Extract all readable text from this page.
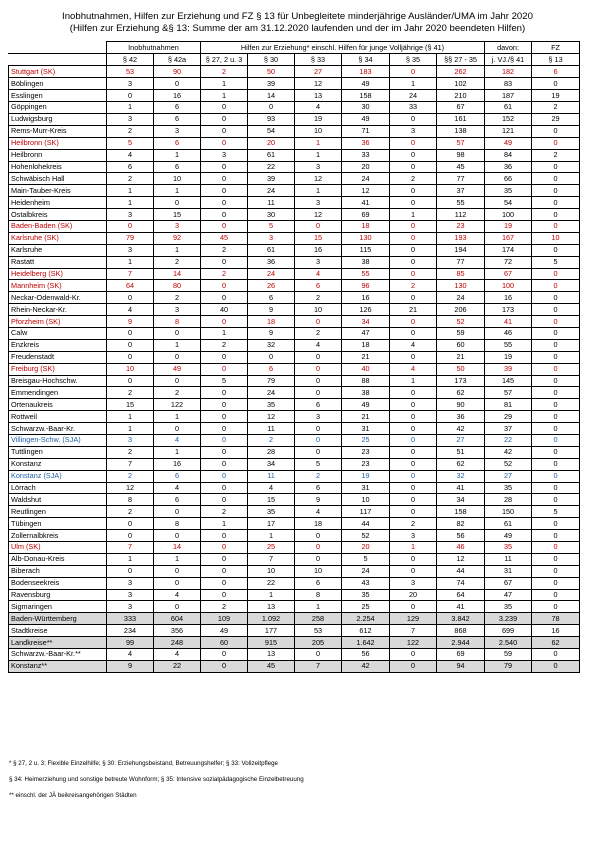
Inobhutnahmen, Hilfen zur Erziehung und FZ § 13 für Unbegleitete minderjährige Ausländer/UMA im Jahr 2020
(Hilfen zur Erziehung &§ 13: Summe der am 31.12.2020 laufenden und der im Jahr 2020 beendeten Hilfen)
	Inobhutnahmen		Hilfen zur Erziehung* einschl. Hilfen für junge Volljährige (§ 41)						davon:	FZ
	§ 42	§ 42a	§ 27, 2 u. 3	§ 30	§ 33	§ 34	§ 35	§§ 27 - 35	j. VJ./§ 41	§ 13
Stuttgart (SK)	53	90	2	50	27	183	0	262	182	6
Böblingen	3	0	1	39	12	49	1	102	83	0
Esslingen	0	16	1	14	13	158	24	210	187	19
Göppingen	1	6	0	0	4	30	33	67	61	2
Ludwigsburg	3	6	0	93	19	49	0	161	152	29
Rems-Murr-Kreis	2	3	0	54	10	71	3	138	121	0
Heilbronn (SK)	5	6	0	20	1	36	0	57	49	0
Heilbronn	4	1	3	61	1	33	0	98	84	2
Hohenlohekreis	6	6	0	22	3	20	0	45	36	0
Schwäbisch Hall	2	10	0	39	12	24	2	77	66	0
Main-Tauber-Kreis	1	1	0	24	1	12	0	37	35	0
Heidenheim	1	0	0	11	3	41	0	55	54	0
Ostalbkreis	3	15	0	30	12	69	1	112	100	0
Baden-Baden (SK)	0	3	0	5	0	18	0	23	19	0
Karlsruhe (SK)	79	92	45	3	15	130	0	193	167	10
Karlsruhe	3	1	2	61	16	115	0	194	174	0
Rastatt	1	2	0	36	3	38	0	77	72	5
Heidelberg (SK)	7	14	2	24	4	55	0	85	67	0
Mannheim (SK)	64	80	0	26	6	96	2	130	100	0
Neckar-Odenwald-Kr.	0	2	0	6	2	16	0	24	16	0
Rhein-Neckar-Kr.	4	3	40	9	10	126	21	206	173	0
Pforzheim (SK)	9	8	0	18	0	34	0	52	41	0
Calw	0	0	1	9	2	47	0	59	46	0
Enzkreis	0	1	2	32	4	18	4	60	55	0
Freudenstadt	0	0	0	0	0	21	0	21	19	0
Freiburg (SK)	10	49	0	6	0	40	4	50	39	0
Breisgau-Hochschw.	0	0	5	79	0	88	1	173	145	0
Emmendingen	2	2	0	24	0	38	0	62	57	0
Ortenaukreis	15	122	0	35	6	49	0	90	81	0
Rottweil	1	1	0	12	3	21	0	36	29	0
Schwarzw.-Baar-Kr.	1	0	0	11	0	31	0	42	37	0
Villingen-Schw. (SJA)	3	4	0	2	0	25	0	27	22	0
Tuttlingen	2	1	0	28	0	23	0	51	42	0
Konstanz	7	16	0	34	5	23	0	62	52	0
Konstanz (SJA)	2	6	0	11	2	19	0	32	27	0
Lörrach	12	4	0	4	6	31	0	41	35	0
Waldshut	8	6	0	15	9	10	0	34	28	0
Reutlingen	2	0	2	35	4	117	0	158	150	5
Tübingen	0	8	1	17	18	44	2	82	61	0
Zollernalbkreis	0	0	0	1	0	52	3	56	49	0
Ulm (SK)	7	14	0	25	0	20	1	46	35	0
Alb-Donau-Kreis	1	1	0	7	0	5	0	12	11	0
Biberach	0	0	0	10	10	24	0	44	31	0
Bodenseekreis	3	0	0	22	6	43	3	74	67	0
Ravensburg	3	4	0	1	8	35	20	64	47	0
Sigmaringen	3	0	2	13	1	25	0	41	35	0
Baden-Württemberg	333	604	109	1.092	258	2.254	129	3.842	3.239	78
Stadtkreise	234	356	49	177	53	612	7	868	699	16
Landkreise**	99	248	60	915	205	1.642	122	2.944	2.540	62
Schwarzw.-Baar-Kr.**	4	4	0	13	0	56	0	69	59	0
Konstanz**	9	22	0	45	7	42	0	94	79	0
* § 27, 2 u. 3: Flexible Einzelhilfe; § 30: Erziehungsbeistand, Betreuungshelfer; § 33: Vollzeitpflege
§ 34: Heimerziehung und sonstige betreute Wohnform; § 35: Intensive sozialpädagogische Einzelbetreuung
** einschl. der JÄ beikreisangehörigen Städten
